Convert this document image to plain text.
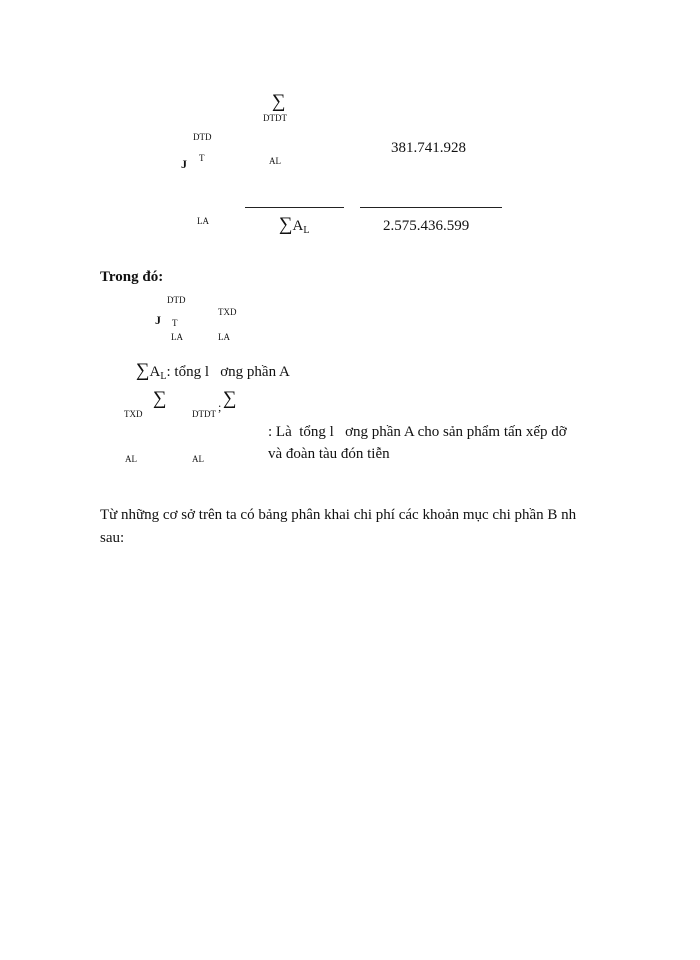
∑
DTDT
DTD
J T	AL
381.741.928
LA	$\sum A_L$	2.575.436.599
Trong đó:
DTD
TXD
J T
LA	LA
$\sum A_L$: tổng l   ơng phần A
∑
TXD	DTDT ; ∑
: Là  tổng l   ơng phần A cho sản phẩm tấn xếp dỡ
và đoàn tàu đón tiễn
AL	AL
Từ những cơ sở trên ta có bảng phân khai chi phí các khoản mục chi phần B nh
sau:
